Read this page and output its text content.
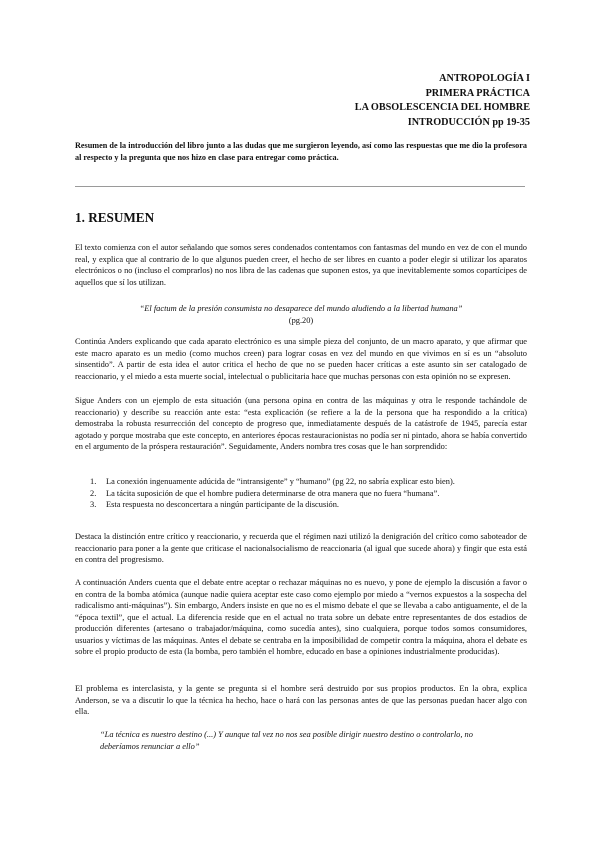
ANTROPOLOGÍA I
PRIMERA PRÁCTICA
LA OBSOLESCENCIA DEL HOMBRE
INTRODUCCIÓN pp 19-35
Resumen de la introducción del libro junto a las dudas que me surgieron leyendo, así como las respuestas que me dio la profesora al respecto y la pregunta que nos hizo en clase para entregar como práctica.
1. RESUMEN
El texto comienza con el autor señalando que somos seres condenados contentamos con fantasmas del mundo en vez de con el mundo real, y explica que al contrario de lo que algunos pueden creer, el hecho de ser libres en cuanto a poder elegir si utilizar los aparatos electrónicos o no (incluso el comprarlos) no nos libra de las cadenas que suponen estos, ya que inevitablemente somos copartícipes de aquellos que sí los utilizan.
“El factum de la presión consumista no desaparece del mundo aludiendo a la libertad humana”
(pg.20)
Continúa Anders explicando que cada aparato electrónico es una simple pieza del conjunto, de un macro aparato, y que afirmar que este macro aparato es un medio (como muchos creen) para lograr cosas en vez del mundo en que vivimos en sí es un “absoluto sinsentido”. A partir de esta idea el autor critica el hecho de que no se pueden hacer críticas a este asunto sin ser catalogado de reaccionario, y el miedo a esta muerte social, intelectual o publicitaria hace que muchas personas con esta opinión no se expresen.
Sigue Anders con un ejemplo de esta situación (una persona opina en contra de las máquinas y otra le responde tachándole de reaccionario) y describe su reacción ante esta: “esta explicación (se refiere a la de la persona que ha respondido a la crítica) demostraba la robusta resurrección del concepto de progreso que, inmediatamente después de la catástrofe de 1945, parecía estar agotado y porque mostraba que este concepto, en anteriores épocas restauracionistas no podía ser ni pintado, ahora se había convertido en el argumento de la próspera restauración”. Seguidamente, Anders nombra tres cosas que le han sorprendido:
1. La conexión ingenuamente adúcida de “intransigente” y “humano” (pg 22, no sabría explicar esto bien).
2. La tácita suposición de que el hombre pudiera determinarse de otra manera que no fuera “humana”.
3. Esta respuesta no desconcertara a ningún participante de la discusión.
Destaca la distinción entre crítico y reaccionario, y recuerda que el régimen nazi utilizó la denigración del crítico como saboteador de reaccionario para poner a la gente que criticase el nacionalsocialismo de reaccionaria (al igual que sucede ahora) y fingir que esta está en contra del progresismo.
A continuación Anders cuenta que el debate entre aceptar o rechazar máquinas no es nuevo, y pone de ejemplo la discusión a favor o en contra de la bomba atómica (aunque nadie quiera aceptar este caso como ejemplo por miedo a “vernos expuestos a la sospecha del radicalismo anti-máquinas”). Sin embargo, Anders insiste en que no es el mismo debate el que se llevaba a cabo antiguamente, el de la “época textil”, que el actual. La diferencia reside que en el actual no trata sobre un debate entre representantes de dos estadios de producción diferentes (artesano o trabajador/máquina, como sucedía antes), sino cualquiera, porque todos somos consumidores, usuarios y víctimas de las máquinas. Antes el debate se centraba en la imposibilidad de competir contra la máquina, ahora el debate es sobre el propio producto de esta (la bomba, pero también el hombre, educado en base a opiniones industrialmente producidas).
El problema es interclasista, y la gente se pregunta si el hombre será destruido por sus propios productos. En la obra, explica Anderson, se va a discutir lo que la técnica ha hecho, hace o hará con las personas antes de que las personas puedan hacer algo con ella.
“La técnica es nuestro destino (...) Y aunque tal vez no nos sea posible dirigir nuestro destino o controlarlo, no deberíamos renunciar a ello”
